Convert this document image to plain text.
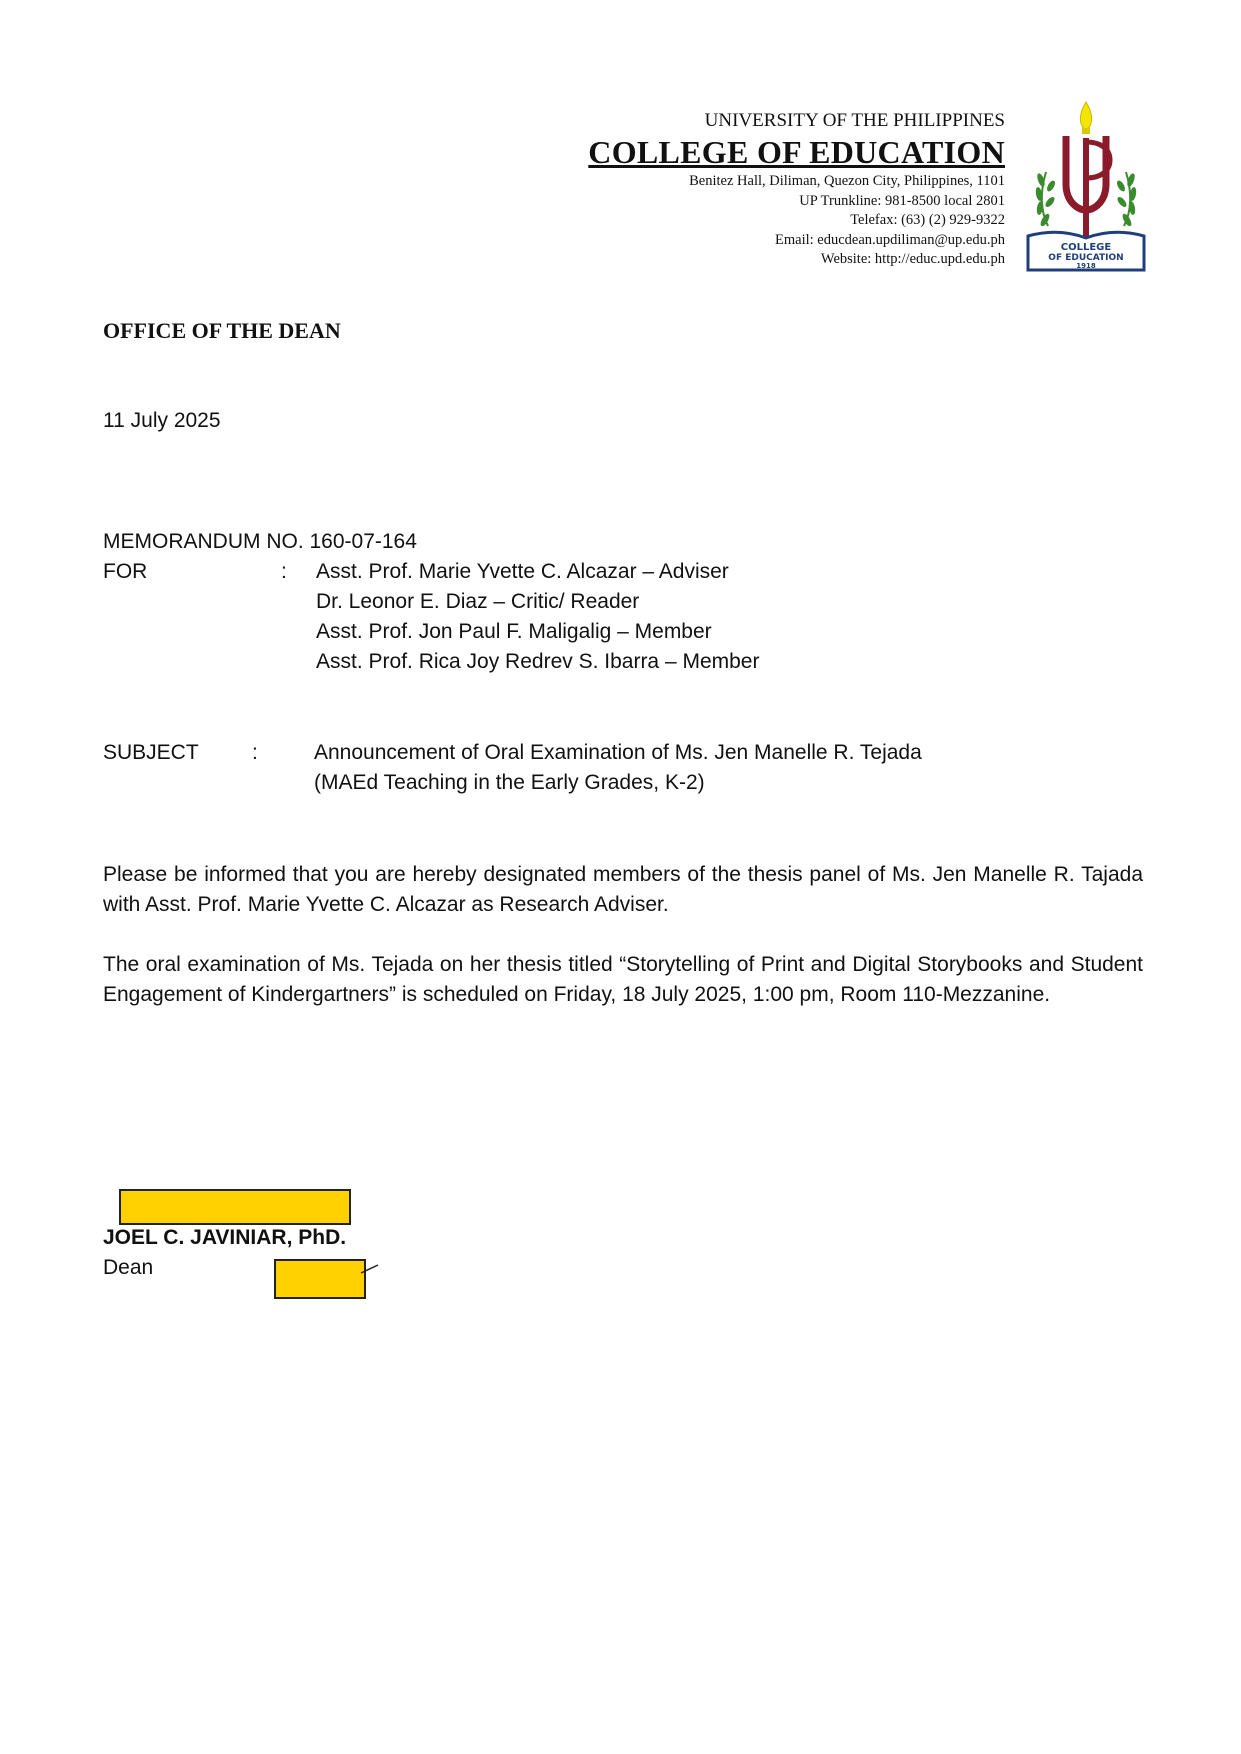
UNIVERSITY OF THE PHILIPPINES
COLLEGE OF EDUCATION
Benitez Hall, Diliman, Quezon City, Philippines, 1101
UP Trunkline: 981-8500 local 2801
Telefax: (63) (2) 929-9322
Email: educdean.updiliman@up.edu.ph
Website: http://educ.upd.edu.ph
COLLEGE
OF EDUCATION
1918
OFFICE OF THE DEAN
11 July 2025
MEMORANDUM NO. 160-07-164
FOR	: Asst. Prof. Marie Yvette C. Alcazar – Adviser
Dr. Leonor E. Diaz – Critic/ Reader
Asst. Prof. Jon Paul F. Maligalig – Member
Asst. Prof. Rica Joy Redrev S. Ibarra – Member
SUBJECT	:	Announcement of Oral Examination of Ms. Jen Manelle R. Tejada
(MAEd Teaching in the Early Grades, K-2)
Please be informed that you are hereby designated members of the thesis panel of Ms. Jen Manelle R. Tajada with Asst. Prof. Marie Yvette C. Alcazar as Research Adviser.
The oral examination of Ms. Tejada on her thesis titled “Storytelling of Print and Digital Storybooks and Student Engagement of Kindergartners” is scheduled on Friday, 18 July 2025, 1:00 pm, Room 110-Mezzanine.
JOEL C. JAVINIAR, PhD.
Dean
